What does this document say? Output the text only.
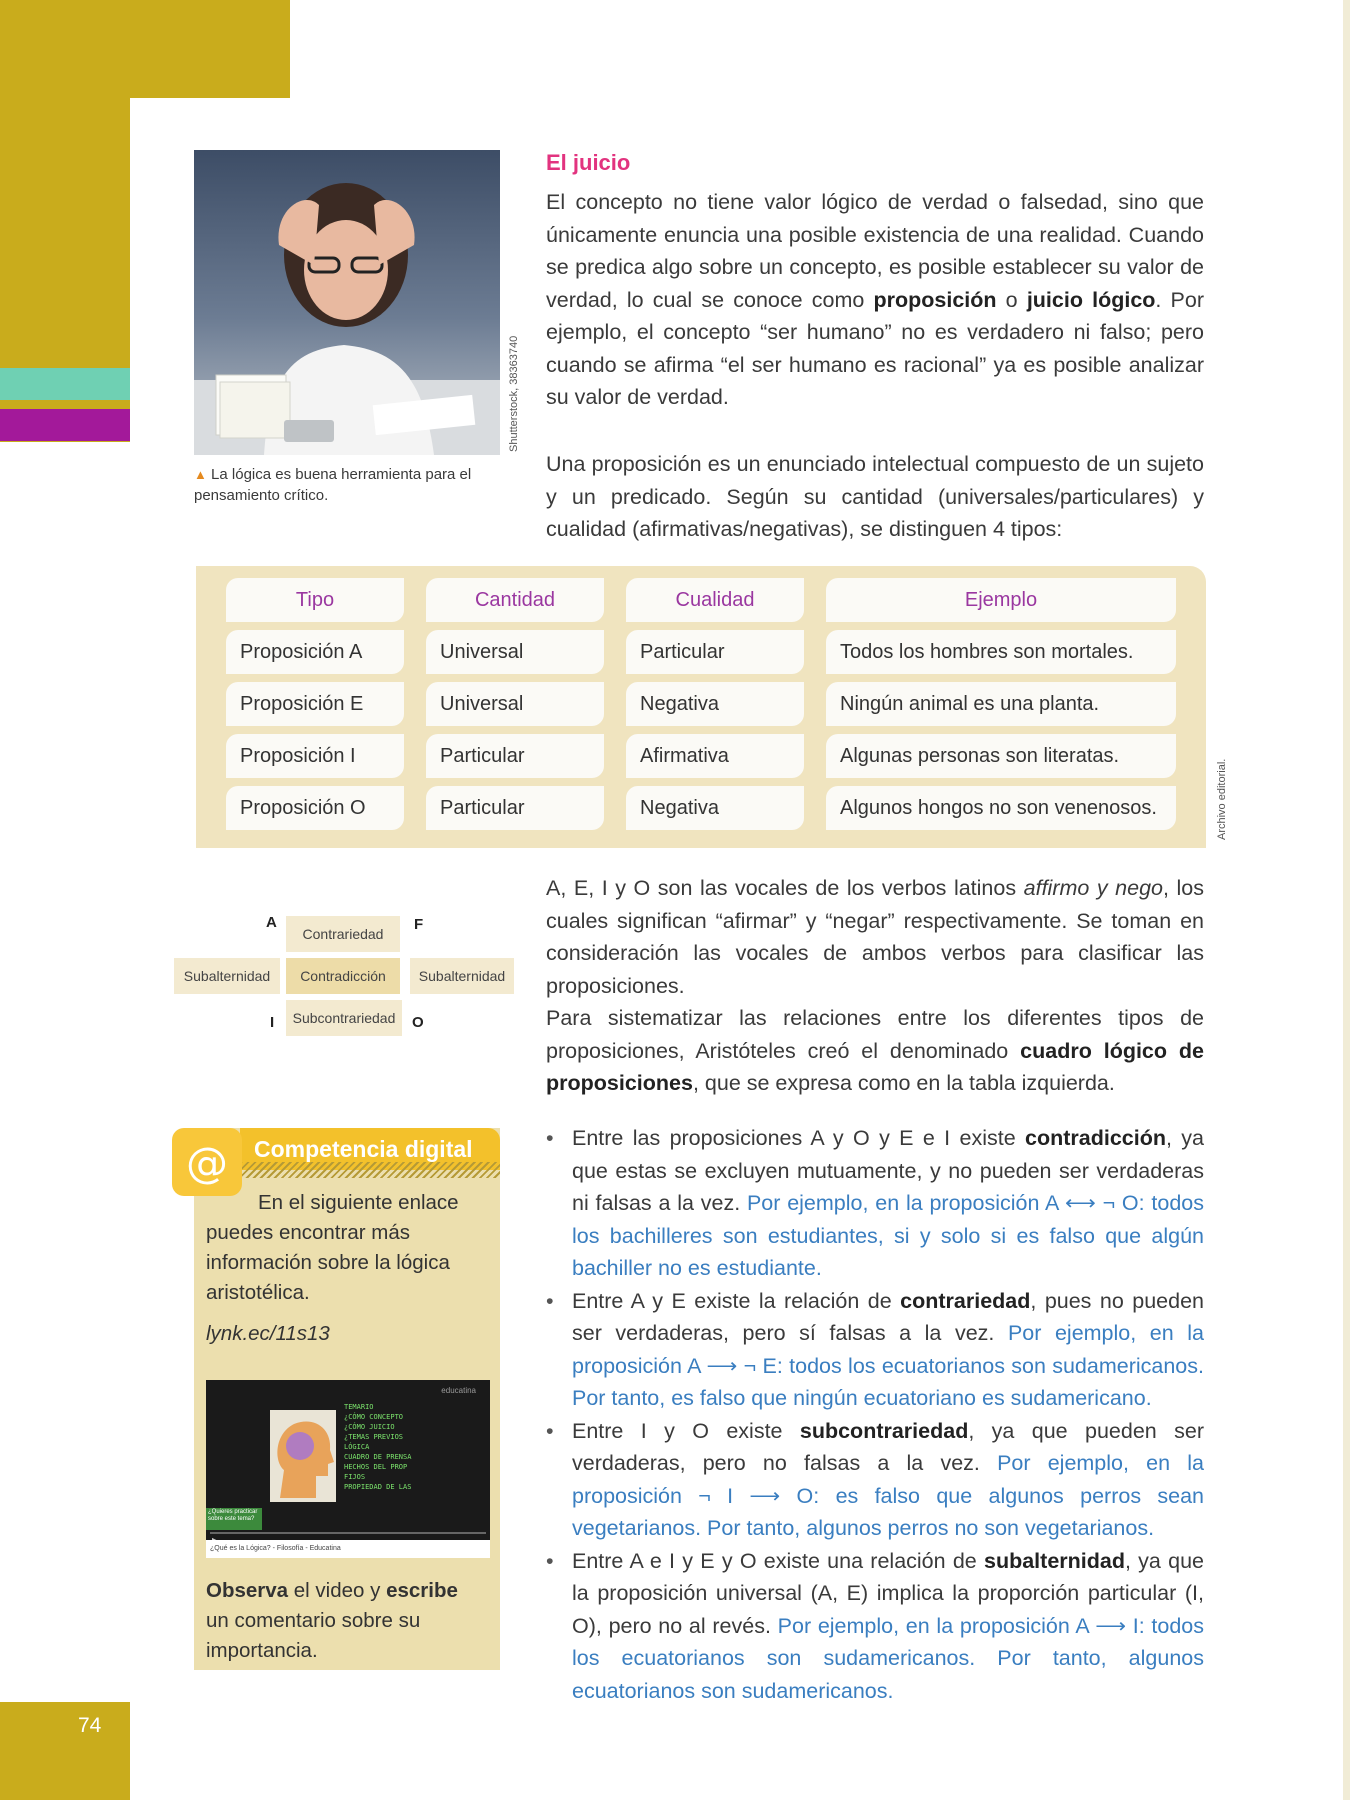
74
Shutterstock, 38363740
▲ La lógica es buena herramienta para el pensamiento crítico.
El juicio
El concepto no tiene valor lógico de verdad o falsedad, sino que únicamente enuncia una posible existencia de una realidad. Cuando se predica algo sobre un concepto, es posible establecer su valor de verdad, lo cual se conoce como proposición o juicio lógico. Por ejemplo, el concepto “ser humano” no es verdadero ni falso; pero cuando se afirma “el ser humano es racional” ya es posible analizar su valor de verdad.
Una proposición es un enunciado intelectual compuesto de un sujeto y un predicado. Según su cantidad (universales/particulares) y cualidad (afirmativas/negativas), se distinguen 4 tipos:
Tipo	Cantidad	Cualidad	Ejemplo
Proposición A	Universal	Particular	Todos los hombres son mortales.
Proposición E	Universal	Negativa	Ningún animal es una planta.
Proposición I	Particular	Afirmativa	Algunas personas son literatas.
Proposición O	Particular	Negativa	Algunos hongos no son venenosos.	Archivo editorial.
A	F
I	O
Contrariedad
Subalternidad	Contradicción	Subalternidad
Subcontrariedad
A, E, I y O son las vocales de los verbos latinos affirmo y nego, los cuales significan “afirmar” y “negar” respectivamente. Se toman en consideración las vocales de ambos verbos para clasificar las proposiciones.
Para sistematizar las relaciones entre los diferentes tipos de proposiciones, Aristóteles creó el denominado cuadro lógico de proposiciones, que se expresa como en la tabla izquierda.
@	Competencia digital
En el siguiente enlace puedes encontrar más información sobre la lógica aristotélica.
lynk.ec/11s13
educatina
TEMARIO
¿CÓMO CONCEPTO
¿CÓMO JUICIO
¿TEMAS PREVIOS
LÓGICA
CUADRO DE PRENSA
HECHOS DEL PROP
FIJOS
PROPIEDAD DE LAS
¿Quieres practicar sobre este tema?
¿Qué es la Lógica? - Filosofía - Educatina
Observa el video y escribe un comentario sobre su importancia.
• Entre las proposiciones A y O y E e I existe contradicción, ya que estas se excluyen mutuamente, y no pueden ser verdaderas ni falsas a la vez. Por ejemplo, en la proposición A ⟷ ¬ O: todos los bachilleres son estudiantes, si y solo si es falso que algún bachiller no es estudiante.
• Entre A y E existe la relación de contrariedad, pues no pueden ser verdaderas, pero sí falsas a la vez. Por ejemplo, en la proposición A ⟶ ¬ E: todos los ecuatorianos son sudamericanos. Por tanto, es falso que ningún ecuatoriano es sudamericano.
• Entre I y O existe subcontrariedad, ya que pueden ser verdaderas, pero no falsas a la vez. Por ejemplo, en la proposición ¬ I ⟶ O: es falso que algunos perros sean vegetarianos. Por tanto, algunos perros no son vegetarianos.
• Entre A e I y E y O existe una relación de subalternidad, ya que la proposición universal (A, E) implica la proporción particular (I, O), pero no al revés. Por ejemplo, en la proposición A ⟶ I: todos los ecuatorianos son sudamericanos. Por tanto, algunos ecuatorianos son sudamericanos.
